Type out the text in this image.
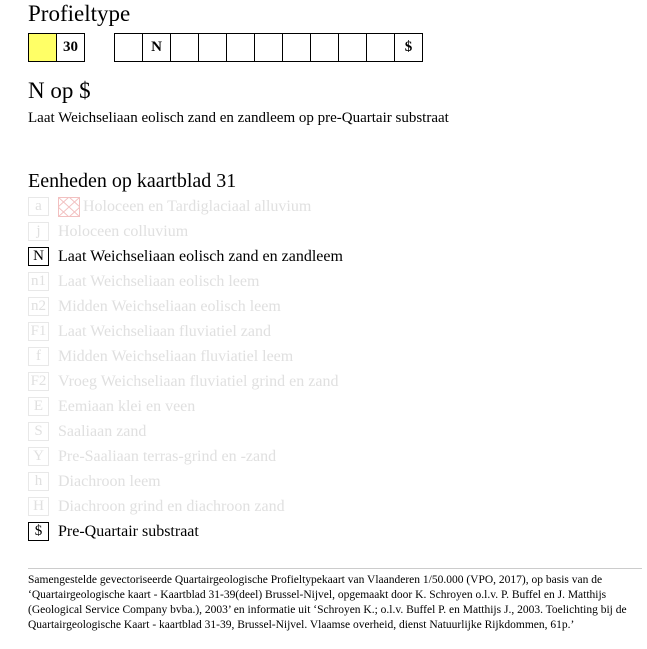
Profieltype
30	N	$
N op $
Laat Weichseliaan eolisch zand en zandleem op pre-Quartair substraat
Eenheden op kaartblad 31
a	Holoceen en Tardiglaciaal alluvium
j	Holoceen colluvium
N Laat Weichseliaan eolisch zand en zandleem
n1 Laat Weichseliaan eolisch leem
n2 Midden Weichseliaan eolisch leem
F1 Laat Weichseliaan fluviatiel zand
f	Midden Weichseliaan fluviatiel leem
F2 Vroeg Weichseliaan fluviatiel grind en zand
E Eemiaan klei en veen
S Saaliaan zand
Y Pre-Saaliaan terras-grind en -zand
h Diachroon leem
H Diachroon grind en diachroon zand
$ Pre-Quartair substraat
Samengestelde gevectoriseerde Quartairgeologische Profieltypekaart van Vlaanderen 1/50.000 (VPO, 2017), op basis van de ‘Quartairgeologische kaart - Kaartblad 31-39(deel) Brussel-Nijvel, opgemaakt door K. Schroyen o.l.v. P. Buffel en J. Matthijs (Geological Service Company bvba.), 2003’ en informatie uit ‘Schroyen K.; o.l.v. Buffel P. en Matthijs J., 2003. Toelichting bij de Quartairgeologische Kaart - kaartblad 31-39, Brussel-Nijvel. Vlaamse overheid, dienst Natuurlijke Rijkdommen, 61p.’
